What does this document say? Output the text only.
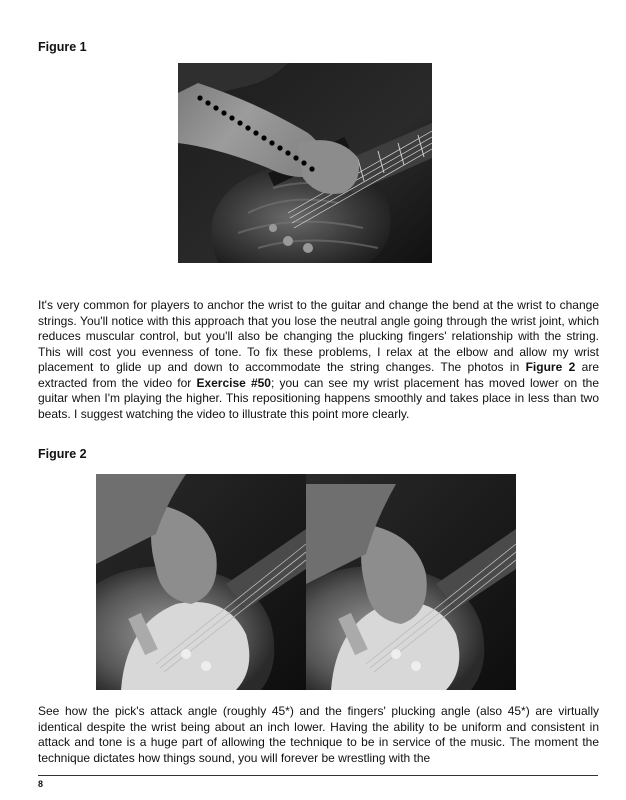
Figure 1

It's very common for players to anchor the wrist to the guitar and change the bend at the wrist to change strings. You'll notice with this approach that you lose the neutral angle going through the wrist joint, which reduces muscular control, but you'll also be changing the plucking fingers' relationship with the string. This will cost you evenness of tone. To fix these problems, I relax at the elbow and allow my wrist placement to glide up and down to accommodate the string changes. The photos in Figure 2 are extracted from the video for Exercise #50; you can see my wrist placement has moved lower on the guitar when I'm playing the higher. This repositioning happens smoothly and takes place in less than two beats. I suggest watching the video to illustrate this point more clearly.

Figure 2

See how the pick's attack angle (roughly 45*) and the fingers' plucking angle (also 45*) are virtually identical despite the wrist being about an inch lower. Having the ability to be uniform and consistent in attack and tone is a huge part of allowing the technique to be in service of the music. The moment the technique dictates how things sound, you will forever be wrestling with the

8
